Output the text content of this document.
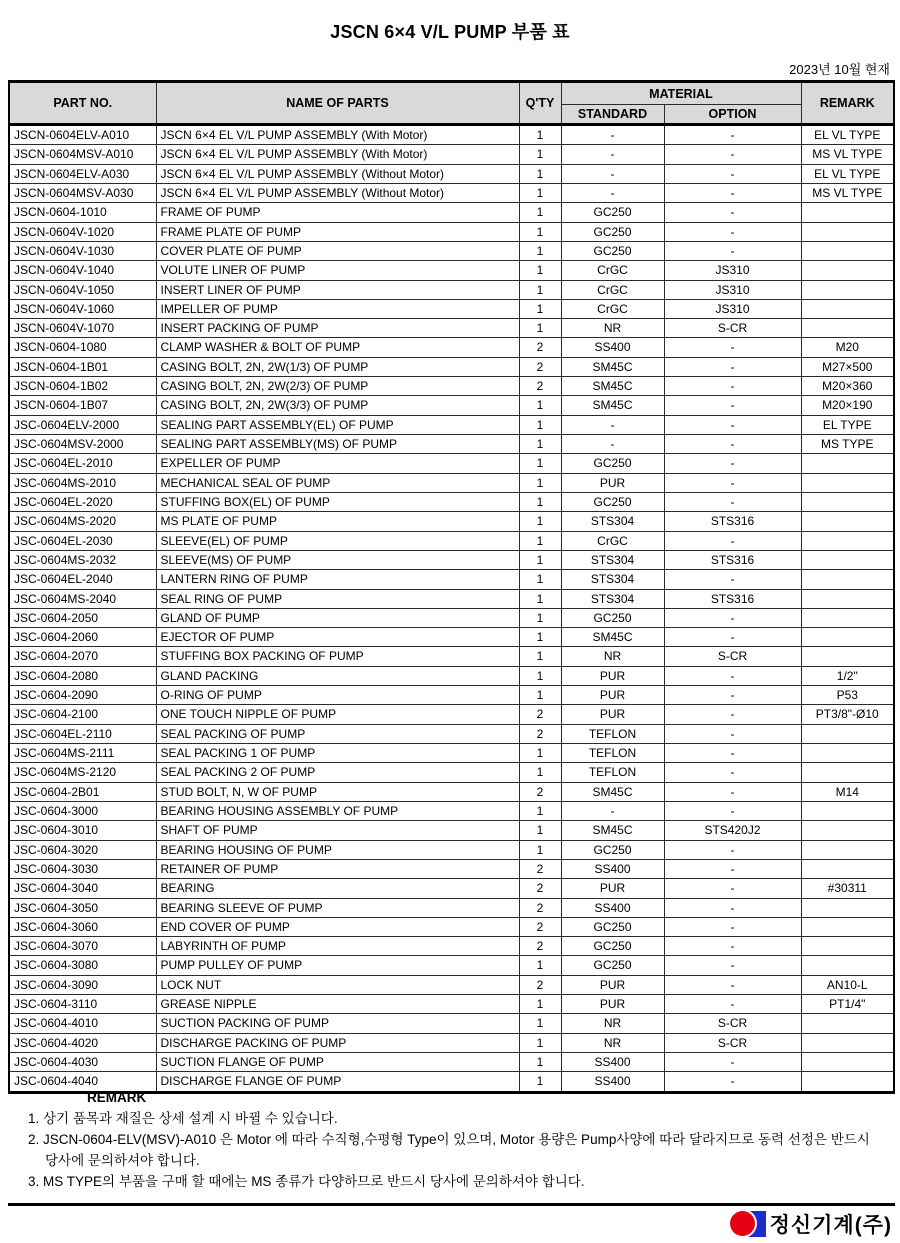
JSCN 6×4 V/L PUMP 부품 표
2023년 10월 현재
PART NO.	NAME OF PARTS	Q'TY	MATERIAL		REMARK
			STANDARD	OPTION	
JSCN-0604ELV-A010	JSCN 6×4 EL V/L PUMP ASSEMBLY (With Motor)	1	-	-	EL VL TYPE
JSCN-0604MSV-A010	JSCN 6×4 EL V/L PUMP ASSEMBLY (With Motor)	1	-	-	MS VL TYPE
JSCN-0604ELV-A030	JSCN 6×4 EL V/L PUMP ASSEMBLY (Without Motor)	1	-	-	EL VL TYPE
JSCN-0604MSV-A030	JSCN 6×4 EL V/L PUMP ASSEMBLY (Without Motor)	1	-	-	MS VL TYPE
JSCN-0604-1010	FRAME OF PUMP	1	GC250	-	
JSCN-0604V-1020	FRAME PLATE OF PUMP	1	GC250	-	
JSCN-0604V-1030	COVER PLATE OF PUMP	1	GC250	-	
JSCN-0604V-1040	VOLUTE LINER OF PUMP	1	CrGC	JS310	
JSCN-0604V-1050	INSERT LINER OF PUMP	1	CrGC	JS310	
JSCN-0604V-1060	IMPELLER OF PUMP	1	CrGC	JS310	
JSCN-0604V-1070	INSERT PACKING OF PUMP	1	NR	S-CR	
JSCN-0604-1080	CLAMP WASHER & BOLT OF PUMP	2	SS400	-	M20
JSCN-0604-1B01	CASING BOLT, 2N, 2W(1/3) OF PUMP	2	SM45C	-	M27×500
JSCN-0604-1B02	CASING BOLT, 2N, 2W(2/3) OF PUMP	2	SM45C	-	M20×360
JSCN-0604-1B07	CASING BOLT, 2N, 2W(3/3) OF PUMP	1	SM45C	-	M20×190
JSC-0604ELV-2000	SEALING PART ASSEMBLY(EL) OF PUMP	1	-	-	EL TYPE
JSC-0604MSV-2000	SEALING PART ASSEMBLY(MS) OF PUMP	1	-	-	MS TYPE
JSC-0604EL-2010	EXPELLER OF PUMP	1	GC250	-	
JSC-0604MS-2010	MECHANICAL SEAL OF PUMP	1	PUR	-	
JSC-0604EL-2020	STUFFING BOX(EL) OF PUMP	1	GC250	-	
JSC-0604MS-2020	MS PLATE OF PUMP	1	STS304	STS316	
JSC-0604EL-2030	SLEEVE(EL) OF PUMP	1	CrGC	-	
JSC-0604MS-2032	SLEEVE(MS) OF PUMP	1	STS304	STS316	
JSC-0604EL-2040	LANTERN RING OF PUMP	1	STS304	-	
JSC-0604MS-2040	SEAL RING OF PUMP	1	STS304	STS316	
JSC-0604-2050	GLAND OF PUMP	1	GC250	-	
JSC-0604-2060	EJECTOR OF PUMP	1	SM45C	-	
JSC-0604-2070	STUFFING BOX PACKING OF PUMP	1	NR	S-CR	
JSC-0604-2080	GLAND PACKING	1	PUR	-	1/2"
JSC-0604-2090	O-RING OF PUMP	1	PUR	-	P53
JSC-0604-2100	ONE TOUCH NIPPLE OF PUMP	2	PUR	-	PT3/8"-Ø10
JSC-0604EL-2110	SEAL PACKING OF PUMP	2	TEFLON	-	
JSC-0604MS-2111	SEAL PACKING 1 OF PUMP	1	TEFLON	-	
JSC-0604MS-2120	SEAL PACKING 2 OF PUMP	1	TEFLON	-	
JSC-0604-2B01	STUD BOLT, N, W OF PUMP	2	SM45C	-	M14
JSC-0604-3000	BEARING HOUSING ASSEMBLY OF PUMP	1	-	-	
JSC-0604-3010	SHAFT OF PUMP	1	SM45C	STS420J2	
JSC-0604-3020	BEARING HOUSING OF PUMP	1	GC250	-	
JSC-0604-3030	RETAINER OF PUMP	2	SS400	-	
JSC-0604-3040	BEARING	2	PUR	-	#30311
JSC-0604-3050	BEARING SLEEVE OF PUMP	2	SS400	-	
JSC-0604-3060	END COVER OF PUMP	2	GC250	-	
JSC-0604-3070	LABYRINTH OF PUMP	2	GC250	-	
JSC-0604-3080	PUMP PULLEY OF PUMP	1	GC250	-	
JSC-0604-3090	LOCK NUT	2	PUR	-	AN10-L
JSC-0604-3110	GREASE NIPPLE	1	PUR	-	PT1/4"
JSC-0604-4010	SUCTION PACKING OF PUMP	1	NR	S-CR	
JSC-0604-4020	DISCHARGE PACKING OF PUMP	1	NR	S-CR	
JSC-0604-4030	SUCTION FLANGE OF PUMP	1	SS400	-	
JSC-0604-4040	DISCHARGE FLANGE OF PUMP	1	SS400	-	
REMARK
1. 상기 품목과 재질은 상세 설계 시 바뀔 수 있습니다.
2. JSCN-0604-ELV(MSV)-A010 은 Motor 에 따라 수직형,수평형 Type이 있으며, Motor 용량은 Pump사양에 따라 달라지므로 동력 선정은 반드시 당사에 문의하셔야 합니다.
3. MS TYPE의 부품을 구매 할 때에는 MS 종류가 다양하므로 반드시 당사에 문의하셔야 합니다.
정신기계(주)
